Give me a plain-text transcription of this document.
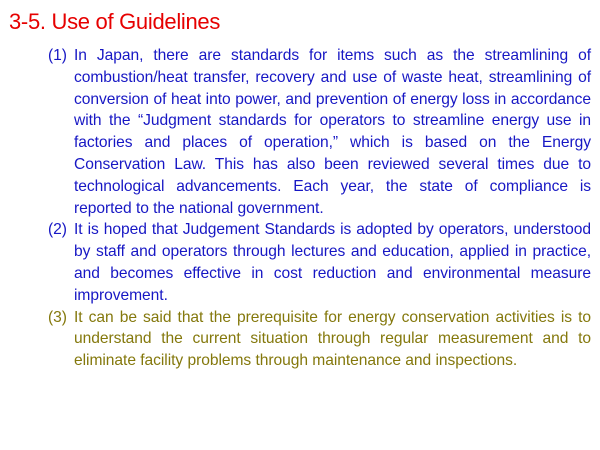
3-5. Use of Guidelines
(1) In Japan, there are standards for items such as the streamlining of combustion/heat transfer, recovery and use of waste heat, streamlining of conversion of heat into power, and prevention of energy loss in accordance with the “Judgment standards for operators to streamline energy use in factories and places of operation,” which is based on the Energy Conservation Law. This has also been reviewed several times due to technological advancements. Each year, the state of compliance is reported to the national government.
(2) It is hoped that Judgement Standards is adopted by operators, understood by staff and operators through lectures and education, applied in practice, and becomes effective in cost reduction and environmental measure improvement.
(3) It can be said that the prerequisite for energy conservation activities is to understand the current situation through regular measurement and to eliminate facility problems through maintenance and inspections.
